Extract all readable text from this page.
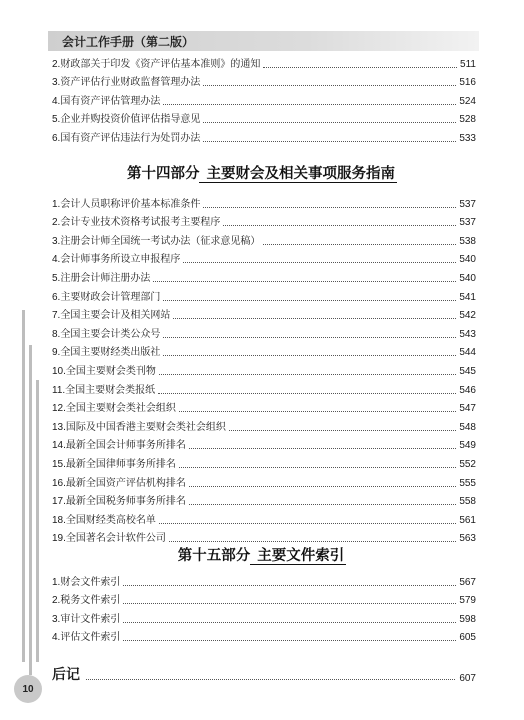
会计工作手册（第二版）
2. 财政部关于印发《资产评估基本准则》的通知	511
3. 资产评估行业财政监督管理办法	516
4. 国有资产评估管理办法	524
5. 企业并购投资价值评估指导意见	528
6. 国有资产评估违法行为处罚办法	533
第十四部分 主要财会及相关事项服务指南
1. 会计人员职称评价基本标准条件	537
2. 会计专业技术资格考试报考主要程序	537
3. 注册会计师全国统一考试办法（征求意见稿）	538
4. 会计师事务所设立申报程序	540
5. 注册会计师注册办法	540
6. 主要财政会计管理部门	541
7. 全国主要会计及相关网站	542
8. 全国主要会计类公众号	543
9. 全国主要财经类出版社	544
10. 全国主要财会类刊物	545
11. 全国主要财会类报纸	546
12. 全国主要财会类社会组织	547
13. 国际及中国香港主要财会类社会组织	548
14. 最新全国会计师事务所排名	549
15. 最新全国律师事务所排名	552
16. 最新全国资产评估机构排名	555
17. 最新全国税务师事务所排名	558
18. 全国财经类高校名单	561
19. 全国著名会计软件公司	563
第十五部分 主要文件索引
1. 财会文件索引	567
2. 税务文件索引	579
3. 审计文件索引	598
4. 评估文件索引	605
后记	607
10
